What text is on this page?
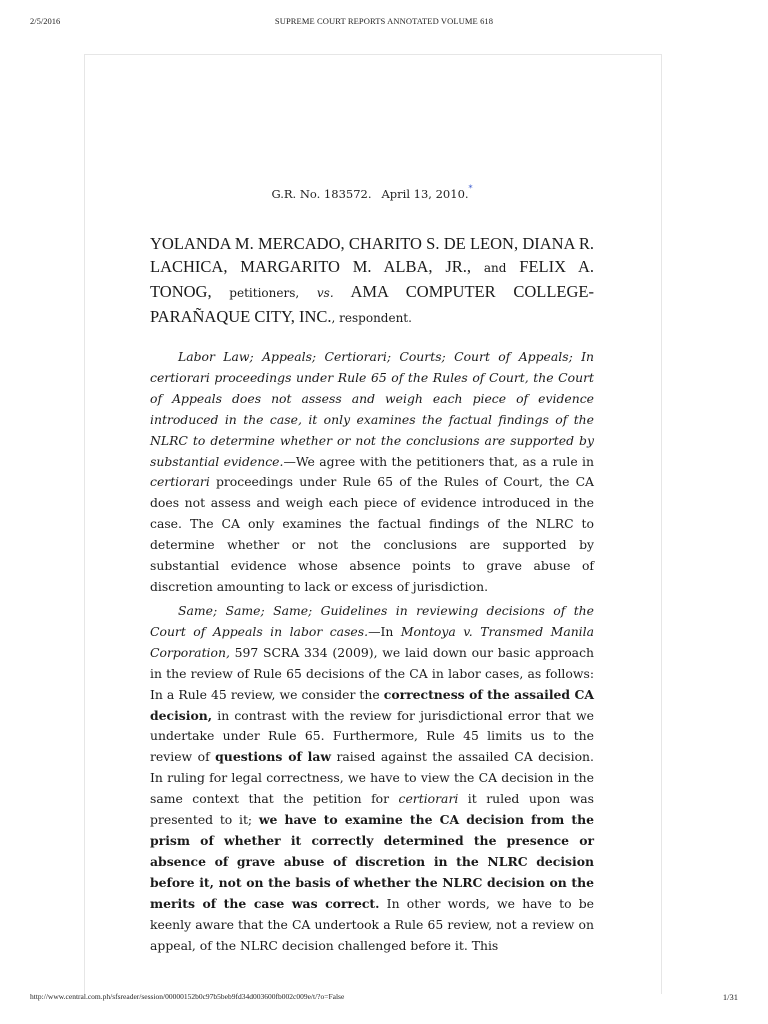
2/5/2016	SUPREME COURT REPORTS ANNOTATED VOLUME 618
G.R. No. 183572. April 13, 2010.*
YOLANDA M. MERCADO, CHARITO S. DE LEON, DIANA R. LACHICA, MARGARITO M. ALBA, JR., and FELIX A. TONOG, petitioners, vs. AMA COMPUTER COLLEGE-PARAÑAQUE CITY, INC., respondent.

Labor Law; Appeals; Certiorari; Courts; Court of Appeals; In certiorari proceedings under Rule 65 of the Rules of Court, the Court of Appeals does not assess and weigh each piece of evidence introduced in the case, it only examines the factual findings of the NLRC to determine whether or not the conclusions are supported by substantial evidence.—We agree with the petitioners that, as a rule in certiorari proceedings under Rule 65 of the Rules of Court, the CA does not assess and weigh each piece of evidence introduced in the case. The CA only examines the factual findings of the NLRC to determine whether or not the conclusions are supported by substantial evidence whose absence points to grave abuse of discretion amounting to lack or excess of jurisdiction.

Same; Same; Same; Guidelines in reviewing decisions of the Court of Appeals in labor cases.—In Montoya v. Transmed Manila Corporation, 597 SCRA 334 (2009), we laid down our basic approach in the review of Rule 65 decisions of the CA in labor cases, as follows: In a Rule 45 review, we consider the correctness of the assailed CA decision, in contrast with the review for jurisdictional error that we undertake under Rule 65. Furthermore, Rule 45 limits us to the review of questions of law raised against the assailed CA decision. In ruling for legal correctness, we have to view the CA decision in the same context that the petition for certiorari it ruled upon was presented to it; we have to examine the CA decision from the prism of whether it correctly determined the presence or absence of grave abuse of discretion in the NLRC decision before it, not on the basis of whether the NLRC decision on the merits of the case was correct. In other words, we have to be keenly aware that the CA undertook a Rule 65 review, not a review on appeal, of the NLRC decision challenged before it. This

http://www.central.com.ph/sfsreader/session/00000152b0c97b5beb9fd34d003600fb002c009e/t/?o=False	1/31
